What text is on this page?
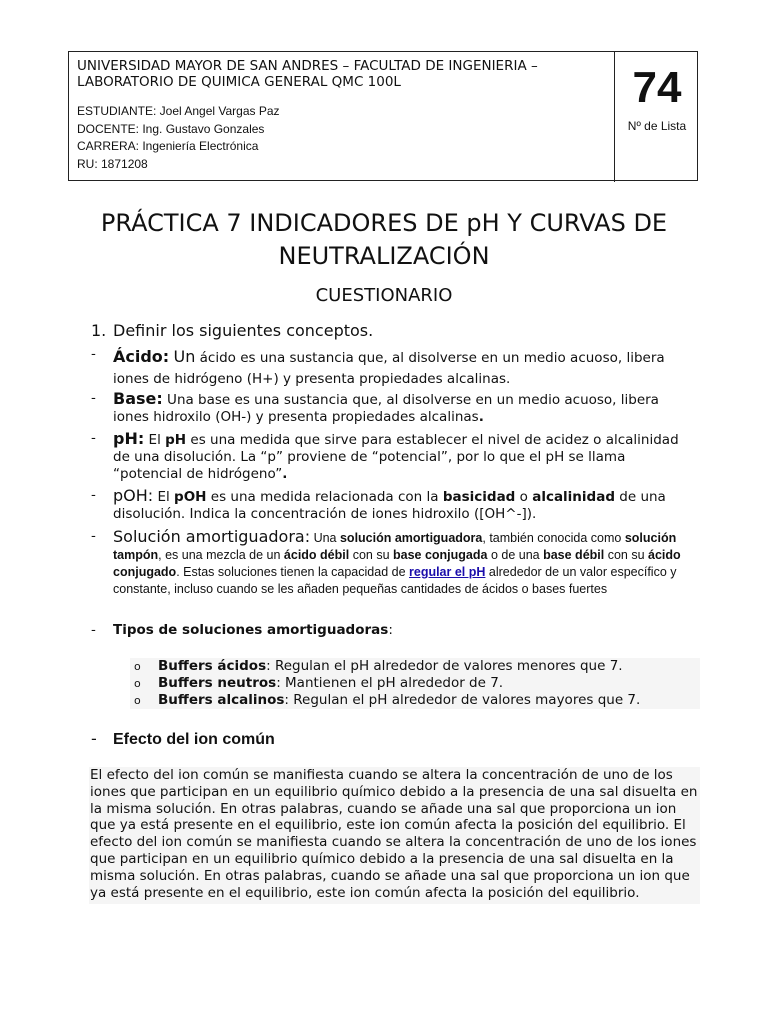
UNIVERSIDAD MAYOR DE SAN ANDRES – FACULTAD DE INGENIERIA –

LABORATORIO DE QUIMICA GENERAL QMC 100L

ESTUDIANTE: Joel Angel Vargas Paz

DOCENTE: Ing. Gustavo Gonzales

CARRERA: Ingeniería Electrónica

RU: 1871208

74
Nº de Lista
PRÁCTICA 7 INDICADORES DE pH Y CURVAS DE NEUTRALIZACIÓN
CUESTIONARIO
1. Definir los siguientes conceptos.
- Ácido: Un ácido es una sustancia que, al disolverse en un medio acuoso, libera iones de hidrógeno (H+) y presenta propiedades alcalinas.
- Base: Una base es una sustancia que, al disolverse en un medio acuoso, libera iones hidroxilo (OH-) y presenta propiedades alcalinas.
- pH: El pH es una medida que sirve para establecer el nivel de acidez o alcalinidad de una disolución. La “p” proviene de “potencial”, por lo que el pH se llama “potencial de hidrógeno”.
- pOH: El pOH es una medida relacionada con la basicidad o alcalinidad de una disolución. Indica la concentración de iones hidroxilo ([OH^-]).
- Solución amortiguadora: Una solución amortiguadora, también conocida como solución tampón, es una mezcla de un ácido débil con su base conjugada o de una base débil con su ácido conjugado. Estas soluciones tienen la capacidad de regular el pH alrededor de un valor específico y constante, incluso cuando se les añaden pequeñas cantidades de ácidos o bases fuertes
- Tipos de soluciones amortiguadoras:
o Buffers ácidos: Regulan el pH alrededor de valores menores que 7.
o Buffers neutros: Mantienen el pH alrededor de 7.
o Buffers alcalinos: Regulan el pH alrededor de valores mayores que 7.
- Efecto del ion común
El efecto del ion común se manifiesta cuando se altera la concentración de uno de los iones que participan en un equilibrio químico debido a la presencia de una sal disuelta en la misma solución. En otras palabras, cuando se añade una sal que proporciona un ion que ya está presente en el equilibrio, este ion común afecta la posición del equilibrio. El efecto del ion común se manifiesta cuando se altera la concentración de uno de los iones que participan en un equilibrio químico debido a la presencia de una sal disuelta en la misma solución. En otras palabras, cuando se añade una sal que proporciona un ion que ya está presente en el equilibrio, este ion común afecta la posición del equilibrio.
